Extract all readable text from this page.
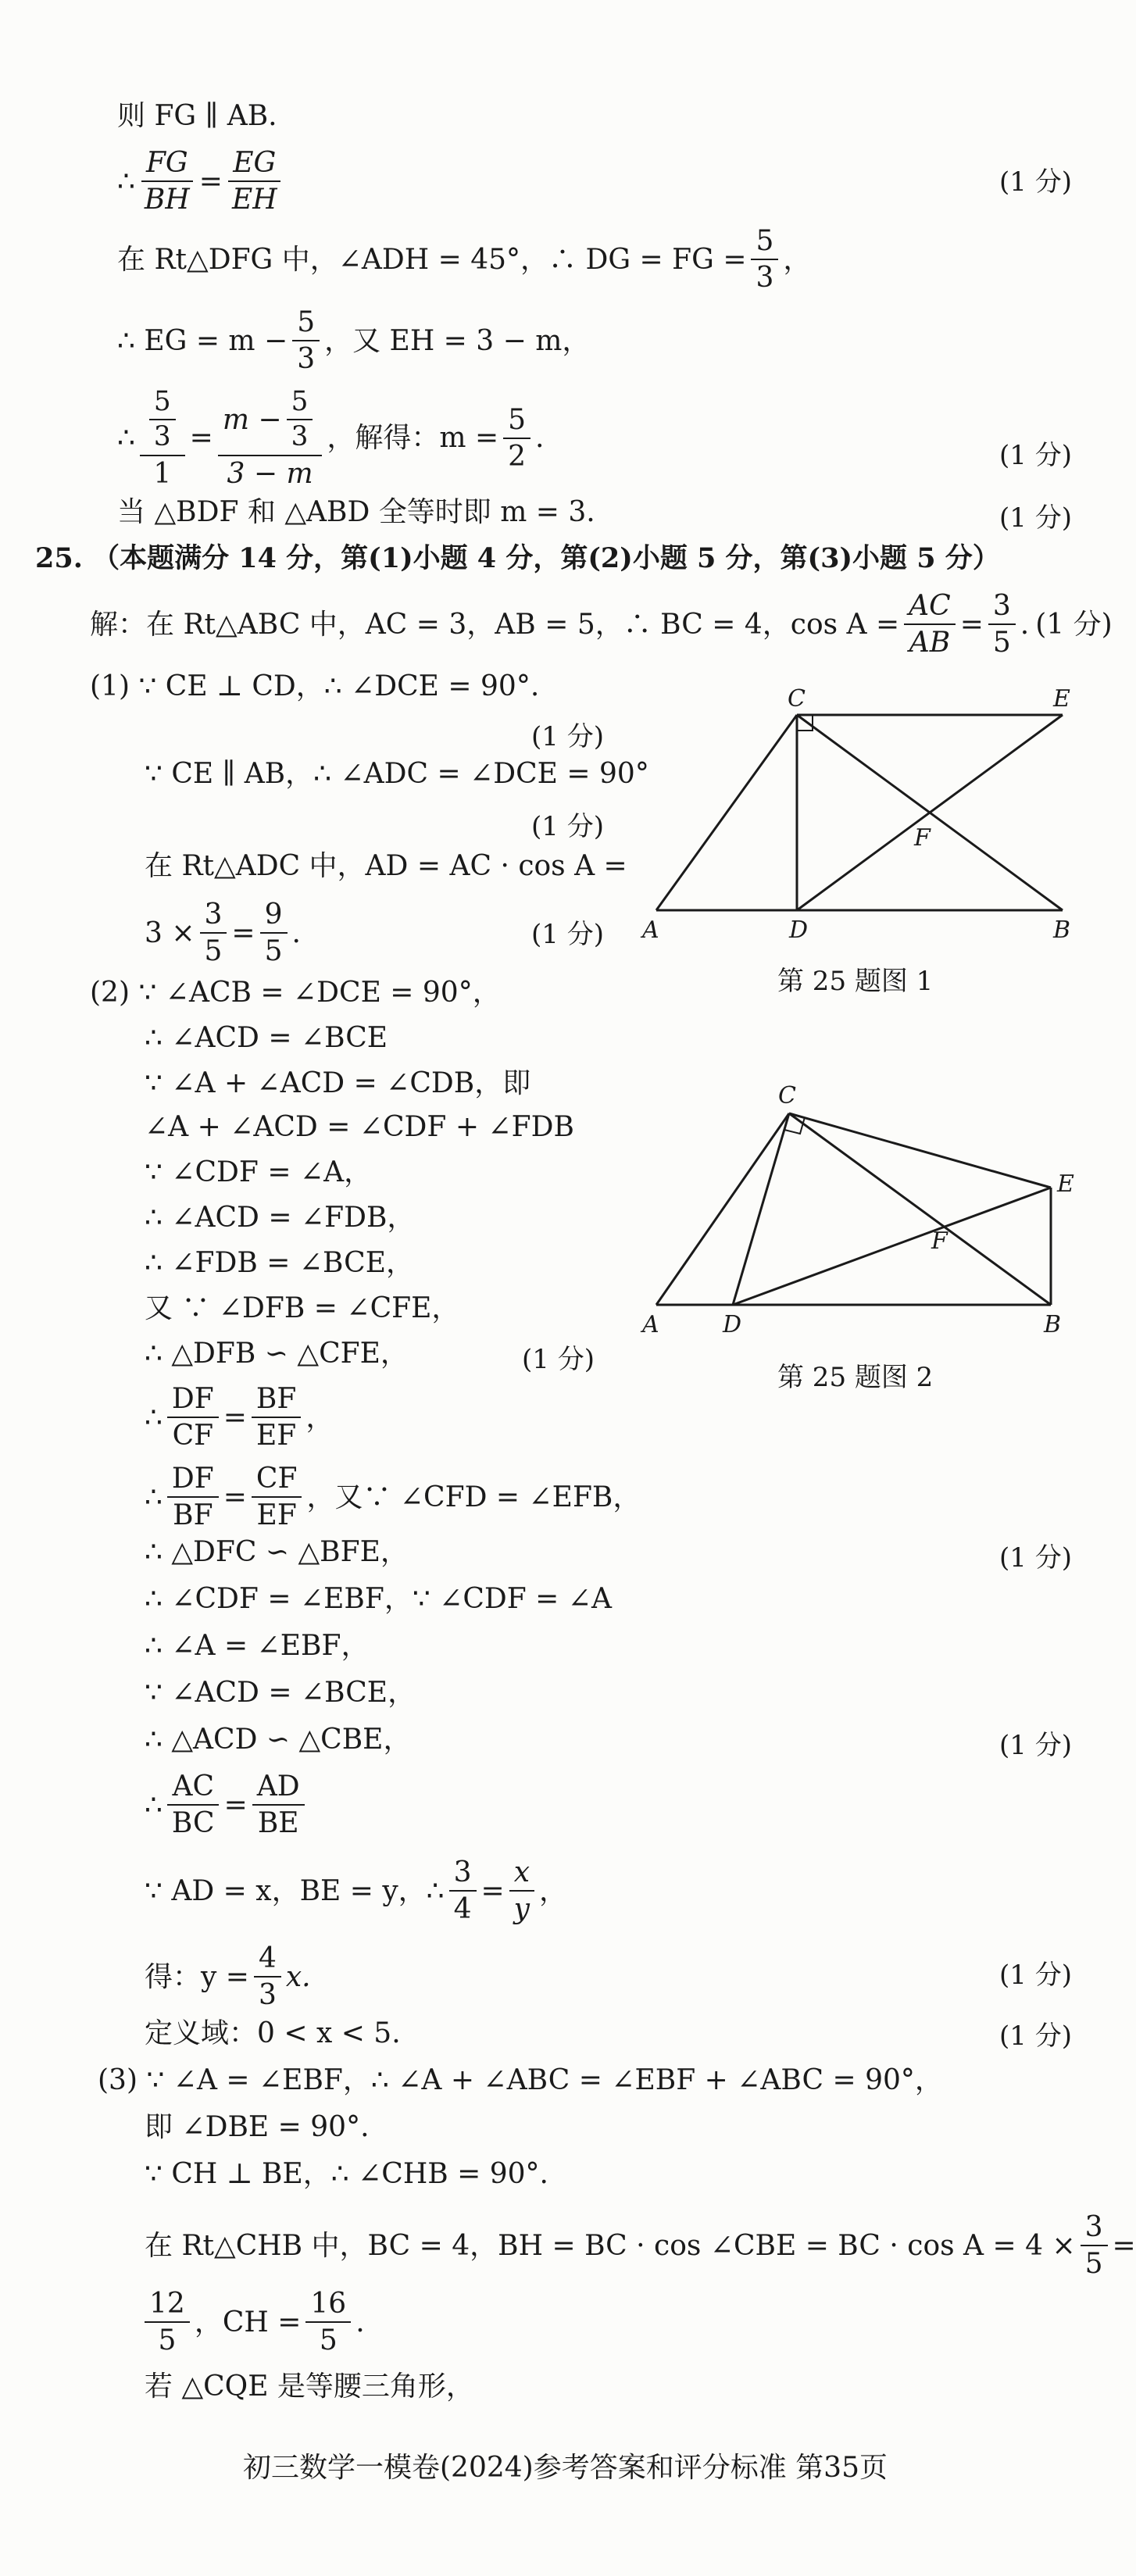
则 FG ∥ AB.
∴ $\frac{FG}{BH} = \frac{EG}{EH}$	(1 分)
在 Rt△DFG 中，∠ADH = 45°，∴ DG = FG = $\frac{5}{3}$ ，
∴ EG = $m - \frac{5}{3}$ ，又 EH = 3 − m，
∴ $\frac{\frac{5}{3}}{1} = \frac{m - \frac{5}{3}}{3 - m}$ ，解得：$m = \frac{5}{2}$ .
(1 分)
当 △BDF 和 △ABD 全等时即 m = 3.	(1 分)
25. （本题满分 14 分，第(1)小题 4 分，第(2)小题 5 分，第(3)小题 5 分）
解：在 Rt△ABC 中，AC = 3，AB = 5，∴ BC = 4，$\cos A = \frac{AC}{AB} = \frac{3}{5}$ . (1 分)
(1) ∵ CE ⊥ CD，∴ ∠DCE = 90°.
(1 分)
∵ CE ∥ AB，∴ ∠ADC = ∠DCE = 90°
(1 分)
在 Rt△ADC 中，AD = AC · cos A =
$3 \times \frac{3}{5} = \frac{9}{5}$ .	(1 分)
C	E
F
A	D	B
第 25 题图 1
(2) ∵ ∠ACB = ∠DCE = 90°，
∴ ∠ACD = ∠BCE
∵ ∠A + ∠ACD = ∠CDB，即
∠A + ∠ACD = ∠CDF + ∠FDB
∵ ∠CDF = ∠A，
∴ ∠ACD = ∠FDB，
∴ ∠FDB = ∠BCE，
又 ∵ ∠DFB = ∠CFE，
∴ △DFB ∽ △CFE，	(1 分)
C
E
F
A	D	B
第 25 题图 2
∴ $\frac{DF}{CF} = \frac{BF}{EF}$ ，
∴ $\frac{DF}{BF} = \frac{CF}{EF}$ ，又∵ ∠CFD = ∠EFB，
∴ △DFC ∽ △BFE，	(1 分)
∴ ∠CDF = ∠EBF，∵ ∠CDF = ∠A
∴ ∠A = ∠EBF，
∵ ∠ACD = ∠BCE，
∴ △ACD ∽ △CBE，	(1 分)
∴ $\frac{AC}{BC} = \frac{AD}{BE}$
∵ AD = x，BE = y，∴ $\frac{3}{4} = \frac{x}{y}$ ，
得：$y = \frac{4}{3} x$.	(1 分)
定义域：0 < x < 5.	(1 分)
(3) ∵ ∠A = ∠EBF，∴ ∠A + ∠ABC = ∠EBF + ∠ABC = 90°，
即 ∠DBE = 90°.
∵ CH ⊥ BE，∴ ∠CHB = 90°.
在 Rt△CHB 中，BC = 4，BH = BC · cos ∠CBE = BC · $\cos A = 4 \times \frac{3}{5}$ =
$\frac{12}{5}$ ，CH = $\frac{16}{5}$ .
若 △CQE 是等腰三角形，
初三数学一模卷(2024)参考答案和评分标准 第35页
